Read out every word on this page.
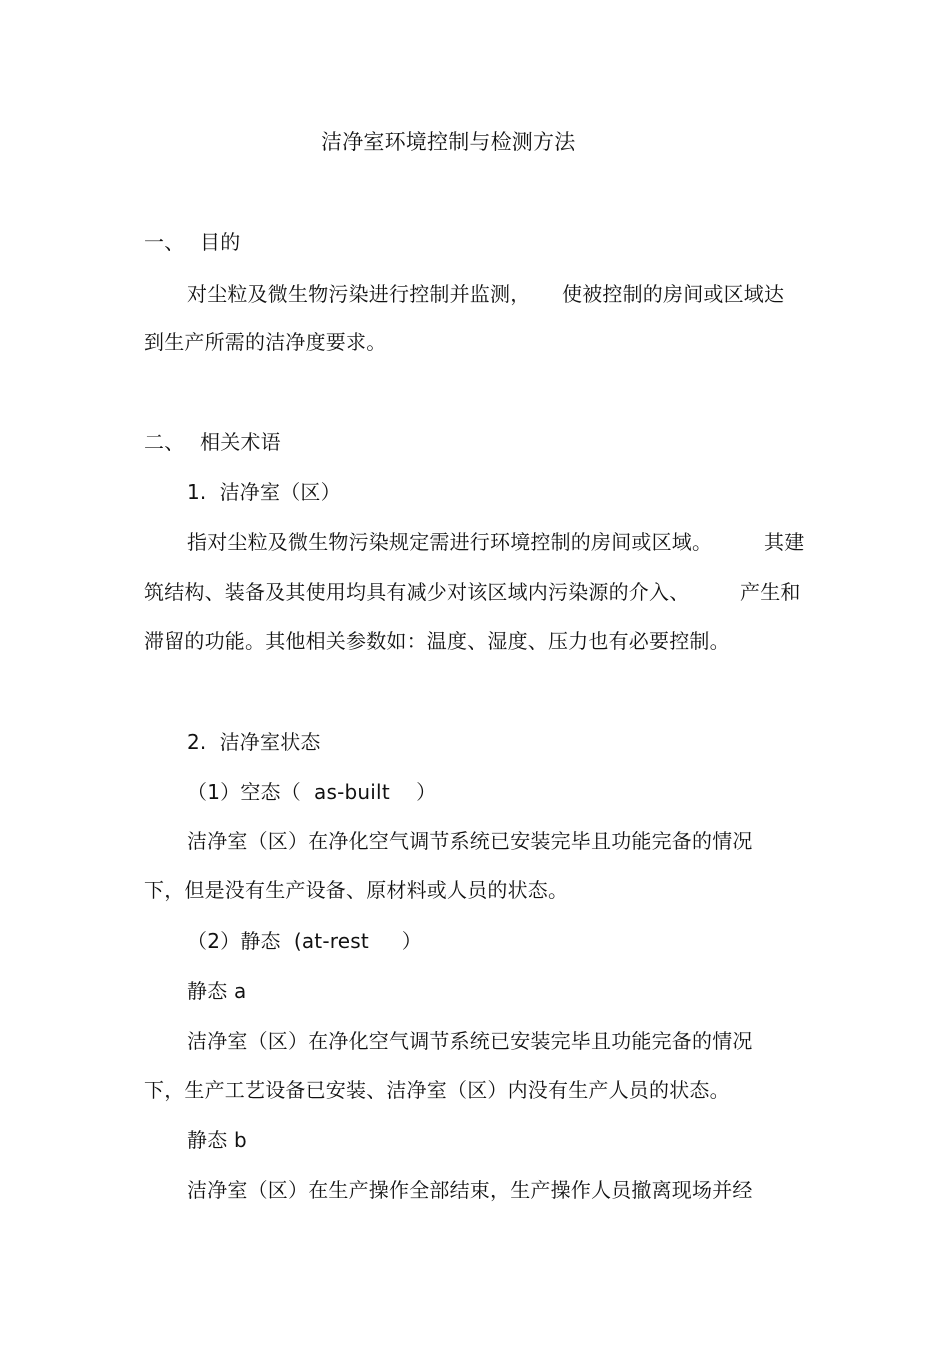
洁净室环境控制与检测方法
一、 目的
对尘粒及微生物污染进行控制并监测， 使被控制的房间或区域达
到生产所需的洁净度要求。
二、 相关术语
1.  洁净室（区）
指对尘粒及微生物污染规定需进行环境控制的房间或区域。	其建
筑结构、装备及其使用均具有减少对该区域内污染源的介入、	产生和
滞留的功能。其他相关参数如：温度、湿度、压力也有必要控制。
2.  洁净室状态
（1）空态（  as-built    ）
洁净室（区）在净化空气调节系统已安装完毕且功能完备的情况
下，但是没有生产设备、原材料或人员的状态。
（2）静态  (at-rest     ）
静态 a
洁净室（区）在净化空气调节系统已安装完毕且功能完备的情况
下，生产工艺设备已安装、洁净室（区）内没有生产人员的状态。
静态 b
洁净室（区）在生产操作全部结束，生产操作人员撤离现场并经
